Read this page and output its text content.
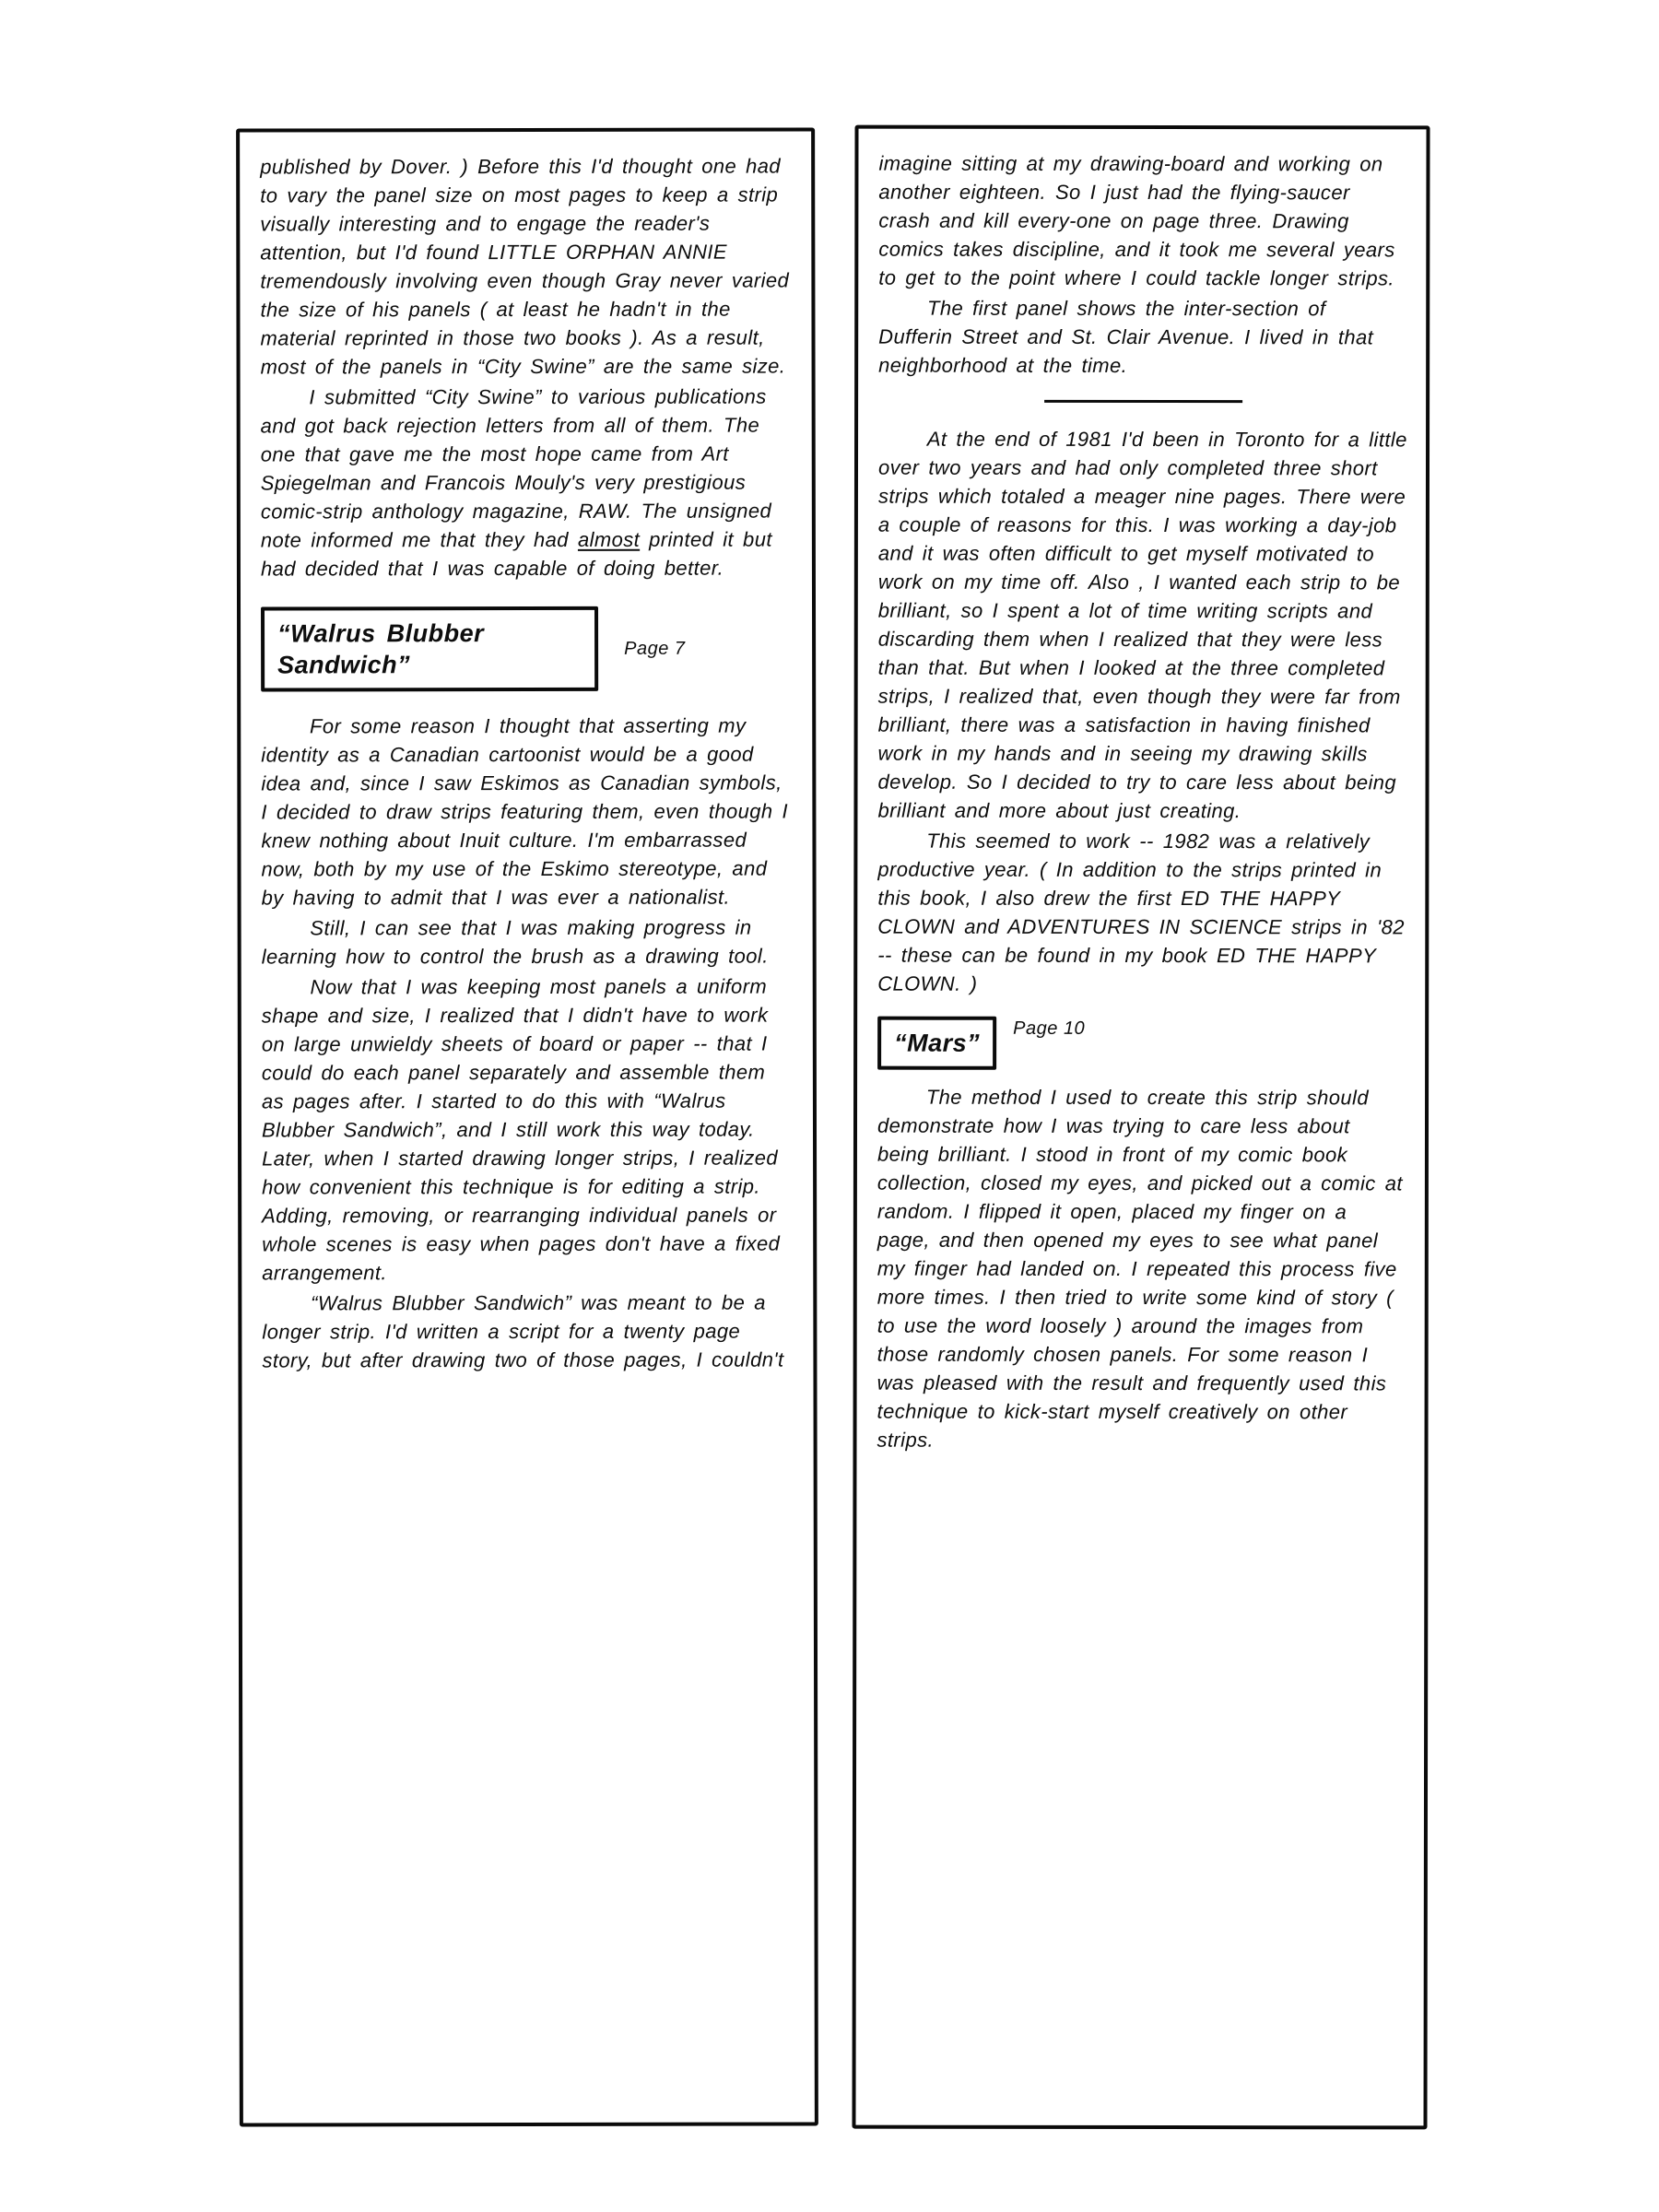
published by Dover. ) Before this I'd thought one had to vary the panel size on most pages to keep a strip visually interesting and to engage the reader's attention, but I'd found LITTLE ORPHAN ANNIE tremendously involving even though Gray never varied the size of his panels ( at least he hadn't in the material reprinted in those two books ). As a result, most of the panels in “City Swine” are the same size.

I submitted “City Swine” to various publications and got back rejection letters from all of them. The one that gave me the most hope came from Art Spiegelman and Francois Mouly's very prestigious comic-strip anthology magazine, RAW. The unsigned note informed me that they had almost printed it but had decided that I was capable of doing better.

“Walrus Blubber Sandwich”
Page 7

For some reason I thought that asserting my identity as a Canadian cartoonist would be a good idea and, since I saw Eskimos as Canadian symbols, I decided to draw strips featuring them, even though I knew nothing about Inuit culture. I'm embarrassed now, both by my use of the Eskimo stereotype, and by having to admit that I was ever a nationalist.

Still, I can see that I was making progress in learning how to control the brush as a drawing tool.

Now that I was keeping most panels a uniform shape and size, I realized that I didn't have to work on large unwieldy sheets of board or paper -- that I could do each panel separately and assemble them as pages after. I started to do this with “Walrus Blubber Sandwich”, and I still work this way today. Later, when I started drawing longer strips, I realized how convenient this technique is for editing a strip. Adding, removing, or rearranging individual panels or whole scenes is easy when pages don't have a fixed arrangement.

“Walrus Blubber Sandwich” was meant to be a longer strip. I'd written a script for a twenty page story, but after drawing two of those pages, I couldn't

imagine sitting at my drawing-board and working on another eighteen. So I just had the flying-saucer crash and kill every-one on page three. Drawing comics takes discipline, and it took me several years to get to the point where I could tackle longer strips.

The first panel shows the inter-section of Dufferin Street and St. Clair Avenue. I lived in that neighborhood at the time.

At the end of 1981 I'd been in Toronto for a little over two years and had only completed three short strips which totaled a meager nine pages. There were a couple of reasons for this. I was working a day-job and it was often difficult to get myself motivated to work on my time off. Also , I wanted each strip to be brilliant, so I spent a lot of time writing scripts and discarding them when I realized that they were less than that. But when I looked at the three completed strips, I realized that, even though they were far from brilliant, there was a satisfaction in having finished work in my hands and in seeing my drawing skills develop. So I decided to try to care less about being brilliant and more about just creating.

This seemed to work -- 1982 was a relatively productive year. ( In addition to the strips printed in this book, I also drew the first ED THE HAPPY CLOWN and ADVENTURES IN SCIENCE strips in '82 -- these can be found in my book ED THE HAPPY CLOWN. )

“Mars”
Page 10

The method I used to create this strip should demonstrate how I was trying to care less about being brilliant. I stood in front of my comic book collection, closed my eyes, and picked out a comic at random. I flipped it open, placed my finger on a page, and then opened my eyes to see what panel my finger had landed on. I repeated this process five more times. I then tried to write some kind of story ( to use the word loosely ) around the images from those randomly chosen panels. For some reason I was pleased with the result and frequently used this technique to kick-start myself creatively on other strips.
